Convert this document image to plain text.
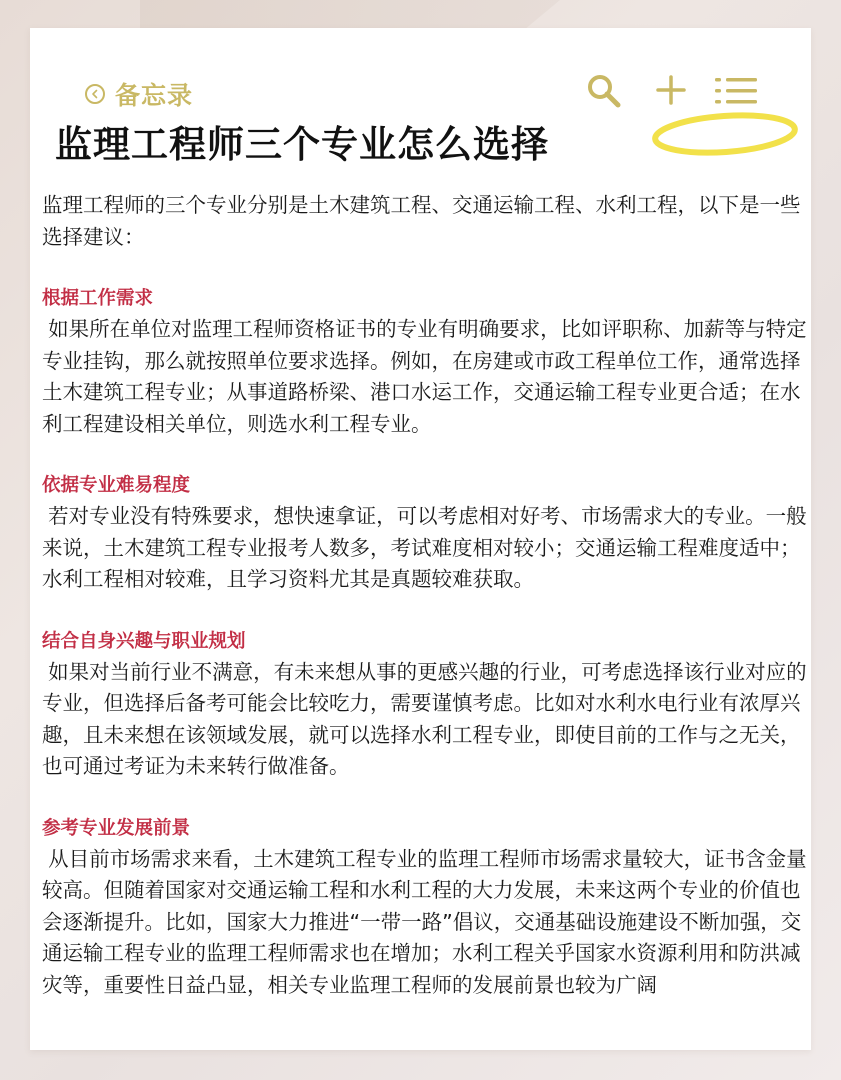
备忘录
监理工程师三个专业怎么选择

监理工程师的三个专业分别是土木建筑工程、交通运输工程、水利工程，以下是一些选择建议：

根据工作需求

如果所在单位对监理工程师资格证书的专业有明确要求，比如评职称、加薪等与特定专业挂钩，那么就按照单位要求选择。例如，在房建或市政工程单位工作，通常选择土木建筑工程专业；从事道路桥梁、港口水运工作，交通运输工程专业更合适；在水利工程建设相关单位，则选水利工程专业。

依据专业难易程度

若对专业没有特殊要求，想快速拿证，可以考虑相对好考、市场需求大的专业。一般来说，土木建筑工程专业报考人数多，考试难度相对较小；交通运输工程难度适中；水利工程相对较难，且学习资料尤其是真题较难获取。

结合自身兴趣与职业规划

如果对当前行业不满意，有未来想从事的更感兴趣的行业，可考虑选择该行业对应的专业，但选择后备考可能会比较吃力，需要谨慎考虑。比如对水利水电行业有浓厚兴趣，且未来想在该领域发展，就可以选择水利工程专业，即使目前的工作与之无关，也可通过考证为未来转行做准备。

参考专业发展前景

从目前市场需求来看，土木建筑工程专业的监理工程师市场需求量较大，证书含金量较高。但随着国家对交通运输工程和水利工程的大力发展，未来这两个专业的价值也会逐渐提升。比如，国家大力推进“一带一路”倡议，交通基础设施建设不断加强，交通运输工程专业的监理工程师需求也在增加；水利工程关乎国家水资源利用和防洪减灾等，重要性日益凸显，相关专业监理工程师的发展前景也较为广阔
